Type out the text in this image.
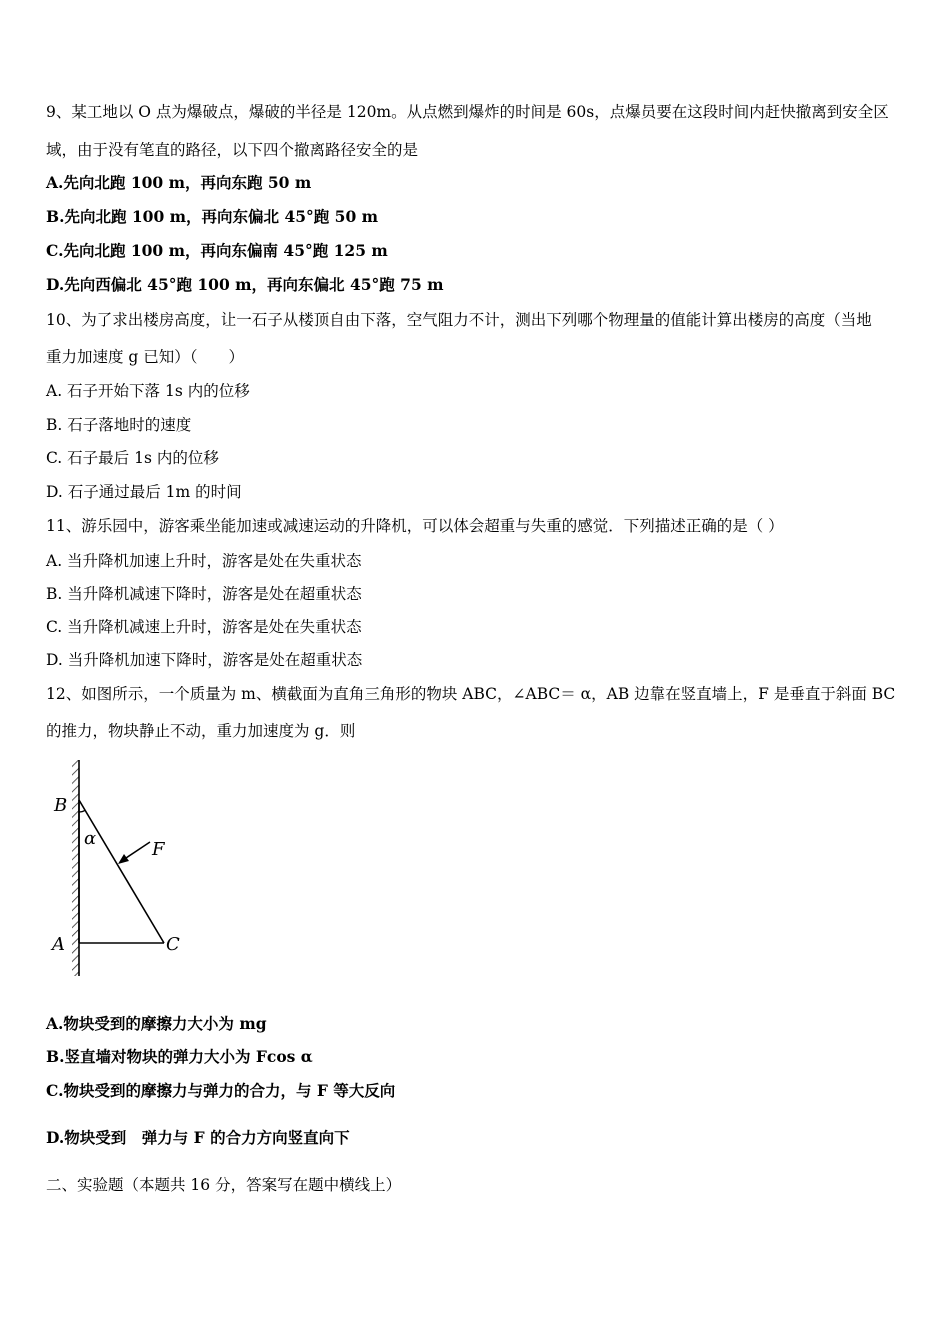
9、某工地以 O 点为爆破点，爆破的半径是 120m。从点燃到爆炸的时间是 60s，点爆员要在这段时间内赶快撤离到安全区
域，由于没有笔直的路径，以下四个撤离路径安全的是
A.先向北跑 100 m，再向东跑 50 m
B.先向北跑 100 m，再向东偏北 45°跑 50 m
C.先向北跑 100 m，再向东偏南 45°跑 125 m
D.先向西偏北 45°跑 100 m，再向东偏北 45°跑 75 m
10、为了求出楼房高度，让一石子从楼顶自由下落，空气阻力不计，测出下列哪个物理量的值能计算出楼房的高度（当地
重力加速度 g 已知）（　　）
A. 石子开始下落 1s 内的位移
B. 石子落地时的速度
C. 石子最后 1s 内的位移
D. 石子通过最后 1m 的时间
11、游乐园中，游客乘坐能加速或减速运动的升降机，可以体会超重与失重的感觉．下列描述正确的是（ ）
A. 当升降机加速上升时，游客是处在失重状态
B. 当升降机减速下降时，游客是处在超重状态
C. 当升降机减速上升时，游客是处在失重状态
D. 当升降机加速下降时，游客是处在超重状态
12、如图所示，一个质量为 m、横截面为直角三角形的物块 ABC，∠ABC＝ α，AB 边靠在竖直墙上，F 是垂直于斜面 BC
的推力，物块静止不动，重力加速度为 g．则
B
α
F
A	C
A.物块受到的摩擦力大小为 mg
B.竖直墙对物块的弹力大小为 Fcos α
C.物块受到的摩擦力与弹力的合力，与 F 等大反向
D.物块受到　弹力与 F 的合力方向竖直向下
二、实验题（本题共 16 分，答案写在题中横线上）
